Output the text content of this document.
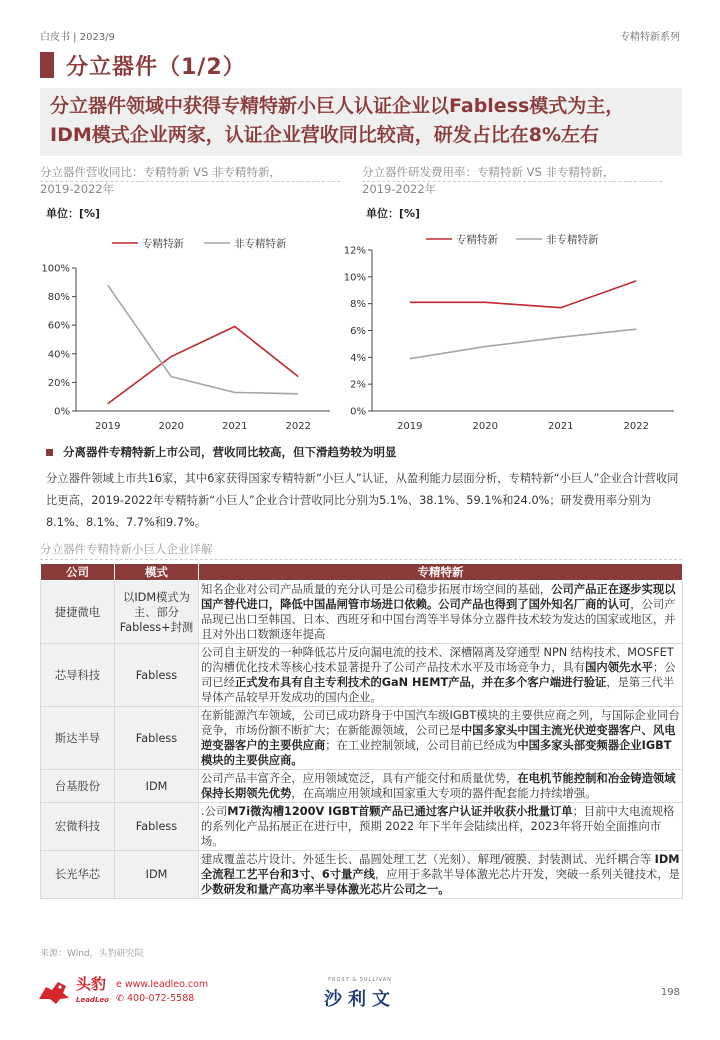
白皮书 | 2023/9	专精特新系列
分立器件（1/2）
分立器件领域中获得专精特新小巨人认证企业以Fabless模式为主，
IDM模式企业两家，认证企业营收同比较高，研发占比在8%左右
分立器件营收同比：专精特新 VS 非专精特新，
2019-2022年
分立器件研发费用率：专精特新 VS 非专精特新，
2019-2022年
单位：[%]	单位：[%]
0%
20%
40%
60%
80%
100%
2019	2020	2021	2022
专精特新	非专精特新
0%
2%
4%
6%
8%
10%
12%
2019	2020	2021	2022
专精特新	非专精特新
分离器件专精特新上市公司，营收同比较高，但下滑趋势较为明显
分立器件领域上市共16家，其中6家获得国家专精特新“小巨人”认证，从盈利能力层面分析，专精特新“小巨人”企业合计营收同比更高，2019-2022年专精特新“小巨人”企业合计营收同比分别为5.1%、38.1%、59.1%和24.0%；研发费用率分别为8.1%、8.1%、7.7%和9.7%。
分立器件专精特新小巨人企业详解
公司	模式	专精特新
捷捷微电	以IDM模式为主、部分Fabless+封测	知名企业对公司产品质量的充分认可是公司稳步拓展市场空间的基础，公司产品正在逐步实现以国产替代进口，降低中国晶闸管市场进口依赖。公司产品也得到了国外知名厂商的认可，公司产品现已出口至韩国、日本、西班牙和中国台湾等半导体分立器件技术较为发达的国家或地区，并且对外出口数额逐年提高
芯导科技	Fabless	公司自主研发的一种降低芯片反向漏电流的技术、深槽隔离及穿通型 NPN 结构技术、MOSFET的沟槽优化技术等核心技术显著提升了公司产品技术水平及市场竞争力，具有国内领先水平；公司已经正式发布具有自主专利技术的GaN HEMT产品，并在多个客户端进行验证，是第三代半导体产品较早开发成功的国内企业。
斯达半导	Fabless	在新能源汽车领域，公司已成功跻身于中国汽车级IGBT模块的主要供应商之列，与国际企业同台竞争，市场份额不断扩大；在新能源领域，公司已是中国多家头中国主流光伏逆变器客户、风电逆变器客户的主要供应商；在工业控制领域，公司目前已经成为中国多家头部变频器企业IGBT模块的主要供应商。
台基股份	IDM	公司产品丰富齐全，应用领域宽泛，具有产能交付和质量优势，在电机节能控制和冶金铸造领域保持长期领先优势，在高端应用领域和国家重大专项的器件配套能力持续增强。
宏微科技	Fabless	.公司M7i微沟槽1200V IGBT首颗产品已通过客户认证并收获小批量订单；目前中大电流规格的系列化产品拓展正在进行中，预期 2022 年下半年会陆续出样，2023年将开始全面推向市场。
长光华芯	IDM	建成覆盖芯片设计、外延生长、晶圆处理工艺（光刻）、解理/镀膜、封装测试、光纤耦合等 IDM 全流程工艺平台和3寸、6寸量产线，应用于多款半导体激光芯片开发，突破一系列关键技术，是少数研发和量产高功率半导体激光芯片公司之一。
来源：Wind，头豹研究院
头豹
LeadLeo
e www.leadleo.com
✆ 400-072-5588
FROST & SULLIVAN
沙利文	198
